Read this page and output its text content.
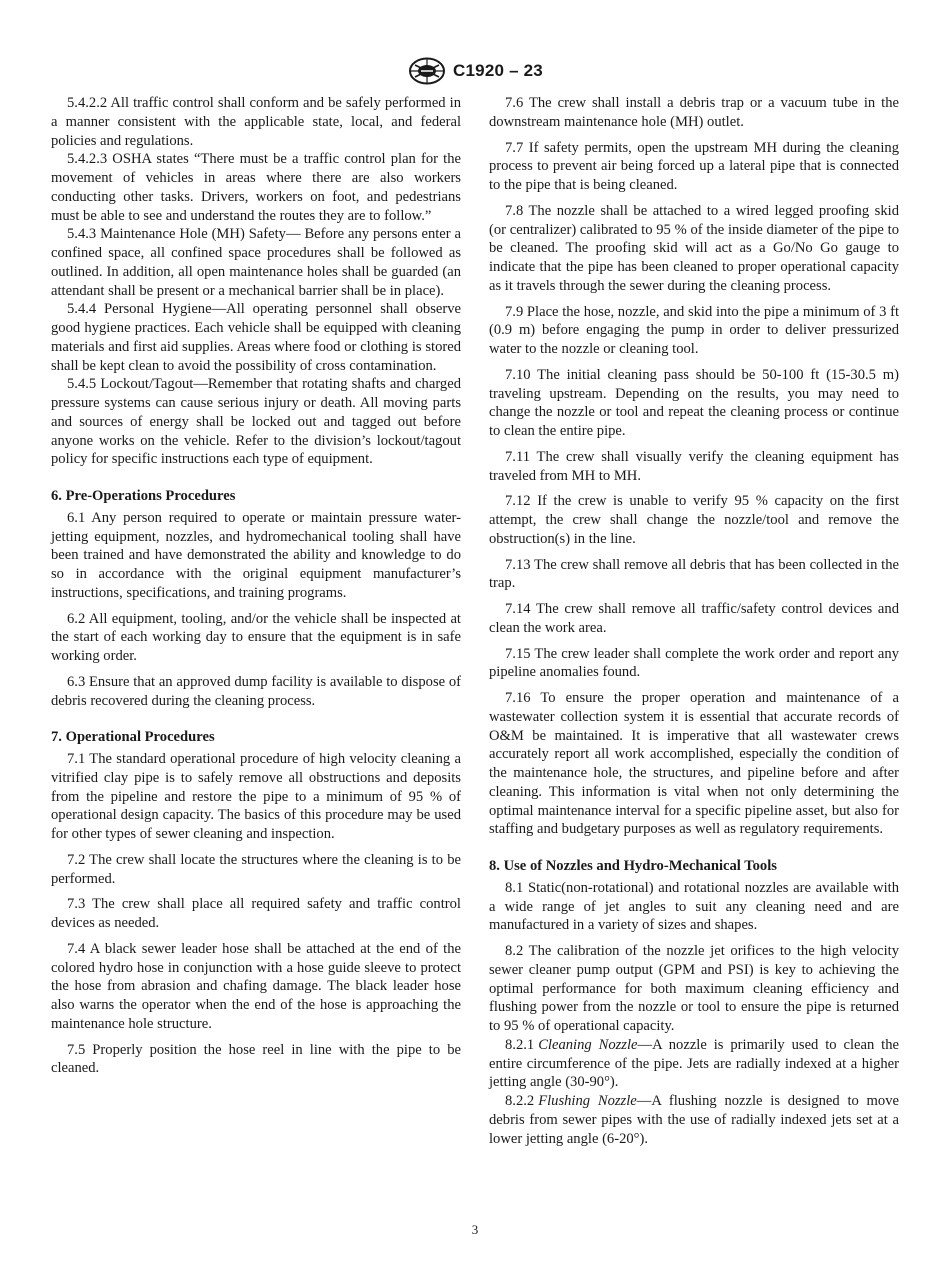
C1920 – 23

5.4.2.2 All traffic control shall conform and be safely performed in a manner consistent with the applicable state, local, and federal policies and regulations.

5.4.2.3 OSHA states “There must be a traffic control plan for the movement of vehicles in areas where there are also workers conducting other tasks. Drivers, workers on foot, and pedestrians must be able to see and understand the routes they are to follow.”

5.4.3 Maintenance Hole (MH) Safety— Before any persons enter a confined space, all confined space procedures shall be followed as outlined. In addition, all open maintenance holes shall be guarded (an attendant shall be present or a mechanical barrier shall be in place).

5.4.4 Personal Hygiene—All operating personnel shall observe good hygiene practices. Each vehicle shall be equipped with cleaning materials and first aid supplies. Areas where food or clothing is stored shall be kept clean to avoid the possibility of cross contamination.

5.4.5 Lockout/Tagout—Remember that rotating shafts and charged pressure systems can cause serious injury or death. All moving parts and sources of energy shall be locked out and tagged out before anyone works on the vehicle. Refer to the division’s lockout/tagout policy for specific instructions each type of equipment.

6. Pre-Operations Procedures

6.1 Any person required to operate or maintain pressure water-jetting equipment, nozzles, and hydromechanical tooling shall have been trained and have demonstrated the ability and knowledge to do so in accordance with the original equipment manufacturer’s instructions, specifications, and training programs.

6.2 All equipment, tooling, and/or the vehicle shall be inspected at the start of each working day to ensure that the equipment is in safe working order.

6.3 Ensure that an approved dump facility is available to dispose of debris recovered during the cleaning process.

7. Operational Procedures

7.1 The standard operational procedure of high velocity cleaning a vitrified clay pipe is to safely remove all obstructions and deposits from the pipeline and restore the pipe to a minimum of 95 % of operational design capacity. The basics of this procedure may be used for other types of sewer cleaning and inspection.

7.2 The crew shall locate the structures where the cleaning is to be performed.

7.3 The crew shall place all required safety and traffic control devices as needed.

7.4 A black sewer leader hose shall be attached at the end of the colored hydro hose in conjunction with a hose guide sleeve to protect the hose from abrasion and chafing damage. The black leader hose also warns the operator when the end of the hose is approaching the maintenance hole structure.

7.5 Properly position the hose reel in line with the pipe to be cleaned.

7.6 The crew shall install a debris trap or a vacuum tube in the downstream maintenance hole (MH) outlet.

7.7 If safety permits, open the upstream MH during the cleaning process to prevent air being forced up a lateral pipe that is connected to the pipe that is being cleaned.

7.8 The nozzle shall be attached to a wired legged proofing skid (or centralizer) calibrated to 95 % of the inside diameter of the pipe to be cleaned. The proofing skid will act as a Go/No Go gauge to indicate that the pipe has been cleaned to proper operational capacity as it travels through the sewer during the cleaning process.

7.9 Place the hose, nozzle, and skid into the pipe a minimum of 3 ft (0.9 m) before engaging the pump in order to deliver pressurized water to the nozzle or cleaning tool.

7.10 The initial cleaning pass should be 50-100 ft (15-30.5 m) traveling upstream. Depending on the results, you may need to change the nozzle or tool and repeat the cleaning process or continue to clean the entire pipe.

7.11 The crew shall visually verify the cleaning equipment has traveled from MH to MH.

7.12 If the crew is unable to verify 95 % capacity on the first attempt, the crew shall change the nozzle/tool and remove the obstruction(s) in the line.

7.13 The crew shall remove all debris that has been collected in the trap.

7.14 The crew shall remove all traffic/safety control devices and clean the work area.

7.15 The crew leader shall complete the work order and report any pipeline anomalies found.

7.16 To ensure the proper operation and maintenance of a wastewater collection system it is essential that accurate records of O&M be maintained. It is imperative that all wastewater crews accurately report all work accomplished, especially the condition of the maintenance hole, the structures, and pipeline before and after cleaning. This information is vital when not only determining the optimal maintenance interval for a specific pipeline asset, but also for staffing and budgetary purposes as well as regulatory requirements.

8. Use of Nozzles and Hydro-Mechanical Tools

8.1 Static(non-rotational) and rotational nozzles are available with a wide range of jet angles to suit any cleaning need and are manufactured in a variety of sizes and shapes.

8.2 The calibration of the nozzle jet orifices to the high velocity sewer cleaner pump output (GPM and PSI) is key to achieving the optimal performance for both maximum cleaning efficiency and flushing power from the nozzle or tool to ensure the pipe is returned to 95 % of operational capacity.

8.2.1 Cleaning Nozzle—A nozzle is primarily used to clean the entire circumference of the pipe. Jets are radially indexed at a higher jetting angle (30-90°).

8.2.2 Flushing Nozzle—A flushing nozzle is designed to move debris from sewer pipes with the use of radially indexed jets set at a lower jetting angle (6-20°).

3
